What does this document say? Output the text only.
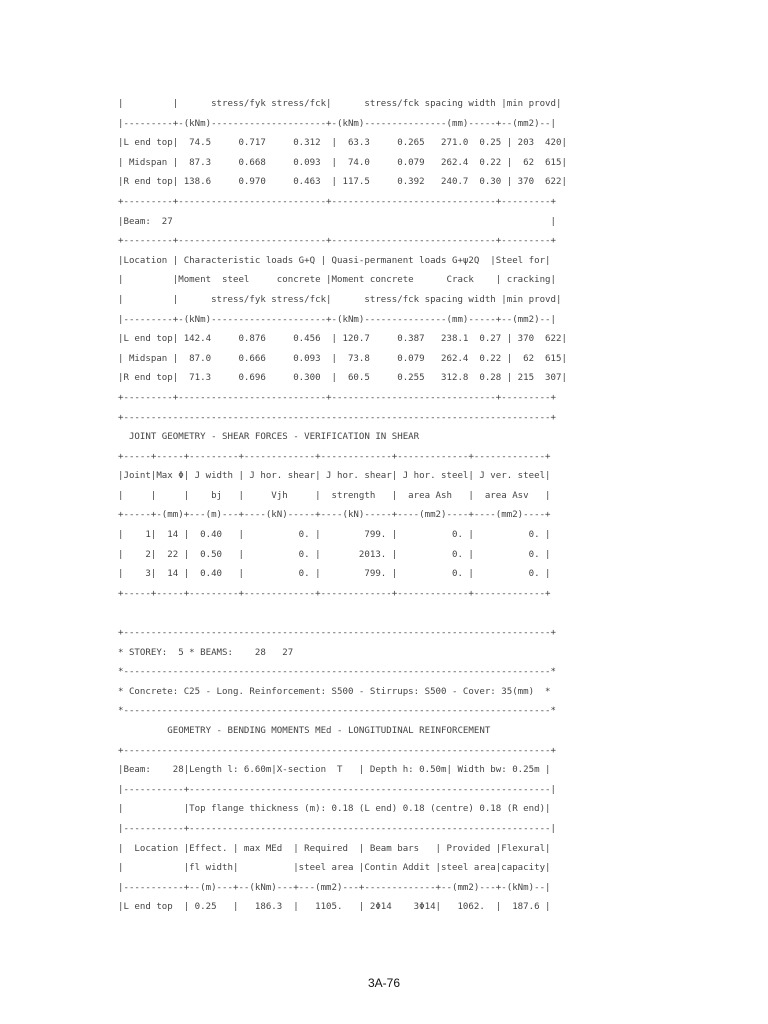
|         |      stress/fyk stress/fck|      stress/fck spacing width |min provd|
|---------+-(kNm)---------------------+-(kNm)---------------(mm)-----+--(mm2)--|
|L end top|  74.5     0.717     0.312  |  63.3     0.265   271.0  0.25 | 203  420|
| Midspan |  87.3     0.668     0.093  |  74.0     0.079   262.4  0.22 |  62  615|
|R end top| 138.6     0.970     0.463  | 117.5     0.392   240.7  0.30 | 370  622|
+---------+---------------------------+------------------------------+---------+
|Beam:  27                                                                     |
+---------+---------------------------+------------------------------+---------+
|Location | Characteristic loads G+Q | Quasi-permanent loads G+ψ2Q  |Steel for|
|         |Moment  steel     concrete |Moment concrete      Crack    | cracking|
|         |      stress/fyk stress/fck|      stress/fck spacing width |min provd|
|---------+-(kNm)---------------------+-(kNm)---------------(mm)-----+--(mm2)--|
|L end top| 142.4     0.876     0.456  | 120.7     0.387   238.1  0.27 | 370  622|
| Midspan |  87.0     0.666     0.093  |  73.8     0.079   262.4  0.22 |  62  615|
|R end top|  71.3     0.696     0.300  |  60.5     0.255   312.8  0.28 | 215  307|
+---------+---------------------------+------------------------------+---------+
+------------------------------------------------------------------------------+
JOINT GEOMETRY - SHEAR FORCES - VERIFICATION IN SHEAR
+-----+-----+---------+-------------+-------------+-------------+-------------+
|Joint|Max Φ| J width | J hor. shear| J hor. shear| J hor. steel| J ver. steel|
|     |     |    bj   |     Vjh     |  strength   |  area Ash   |  area Asv   |
+-----+-(mm)+---(m)---+----(kN)-----+----(kN)-----+----(mm2)----+----(mm2)----+
|    1|  14 |  0.40   |          0. |        799. |          0. |          0. |
|    2|  22 |  0.50   |          0. |       2013. |          0. |          0. |
|    3|  14 |  0.40   |          0. |        799. |          0. |          0. |
+-----+-----+---------+-------------+-------------+-------------+-------------+
+------------------------------------------------------------------------------+
* STOREY:  5 * BEAMS:    28   27
*------------------------------------------------------------------------------*
* Concrete: C25 - Long. Reinforcement: S500 - Stirrups: S500 - Cover: 35(mm)  *
*------------------------------------------------------------------------------*
GEOMETRY - BENDING MOMENTS MEd - LONGITUDINAL REINFORCEMENT
+------------------------------------------------------------------------------+
|Beam:    28|Length l: 6.60m|X-section  T   | Depth h: 0.50m| Width bw: 0.25m |
|-----------+------------------------------------------------------------------|
|           |Top flange thickness (m): 0.18 (L end) 0.18 (centre) 0.18 (R end)|
|-----------+------------------------------------------------------------------|
|  Location |Effect. | max MEd  | Required  | Beam bars   | Provided |Flexural|
|           |fl width|          |steel area |Contin Addit |steel area|capacity|
|-----------+--(m)---+--(kNm)---+---(mm2)---+-------------+--(mm2)---+-(kNm)--|
|L end top  | 0.25   |   186.3  |   1105.   | 2Φ14    3Φ14|   1062.  |  187.6 |
3A-76
